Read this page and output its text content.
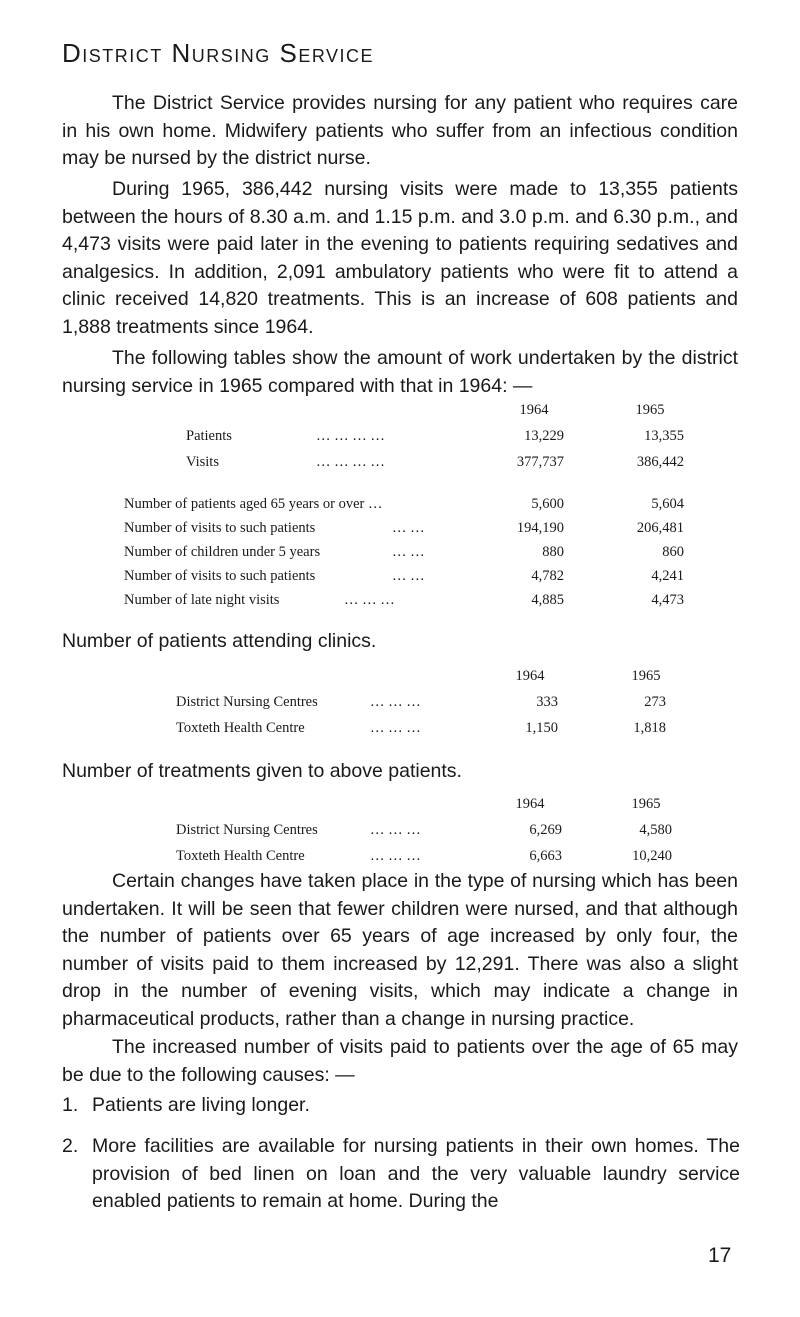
District Nursing Service

The District Service provides nursing for any patient who requires care in his own home. Midwifery patients who suffer from an infectious condition may be nursed by the district nurse.

During 1965, 386,442 nursing visits were made to 13,355 patients between the hours of 8.30 a.m. and 1.15 p.m. and 3.0 p.m. and 6.30 p.m., and 4,473 visits were paid later in the evening to patients requiring sedatives and analgesics. In addition, 2,091 ambulatory patients who were fit to attend a clinic received 14,820 treatments. This is an increase of 608 patients and 1,888 treatments since 1964.

The following tables show the amount of work undertaken by the district nursing service in 1965 compared with that in 1964: —

1964	1965
Patients	… … … …	13,229	13,355
Visits	… … … …	377,737	386,442
Number of patients aged 65 years or over …	5,600	5,604
Number of visits to such patients	… …	194,190	206,481
Number of children under 5 years	… …	880	860
Number of visits to such patients	… …	4,782	4,241
Number of late night visits	… … …	4,885	4,473
Number of patients attending clinics.
1964	1965
District Nursing Centres	… … …	333	273
Toxteth Health Centre	… … …	1,150	1,818
Number of treatments given to above patients.
1964	1965
District Nursing Centres	… … …	6,269	4,580
Toxteth Health Centre	… … …	6,663	10,240

Certain changes have taken place in the type of nursing which has been undertaken. It will be seen that fewer children were nursed, and that although the number of patients over 65 years of age increased by only four, the number of visits paid to them increased by 12,291. There was also a slight drop in the number of evening visits, which may indicate a change in pharmaceutical products, rather than a change in nursing practice.

The increased number of visits paid to patients over the age of 65 may be due to the following causes: —

1. Patients are living longer.
2. More facilities are available for nursing patients in their own homes. The provision of bed linen on loan and the very valuable laundry service enabled patients to remain at home. During the
17
